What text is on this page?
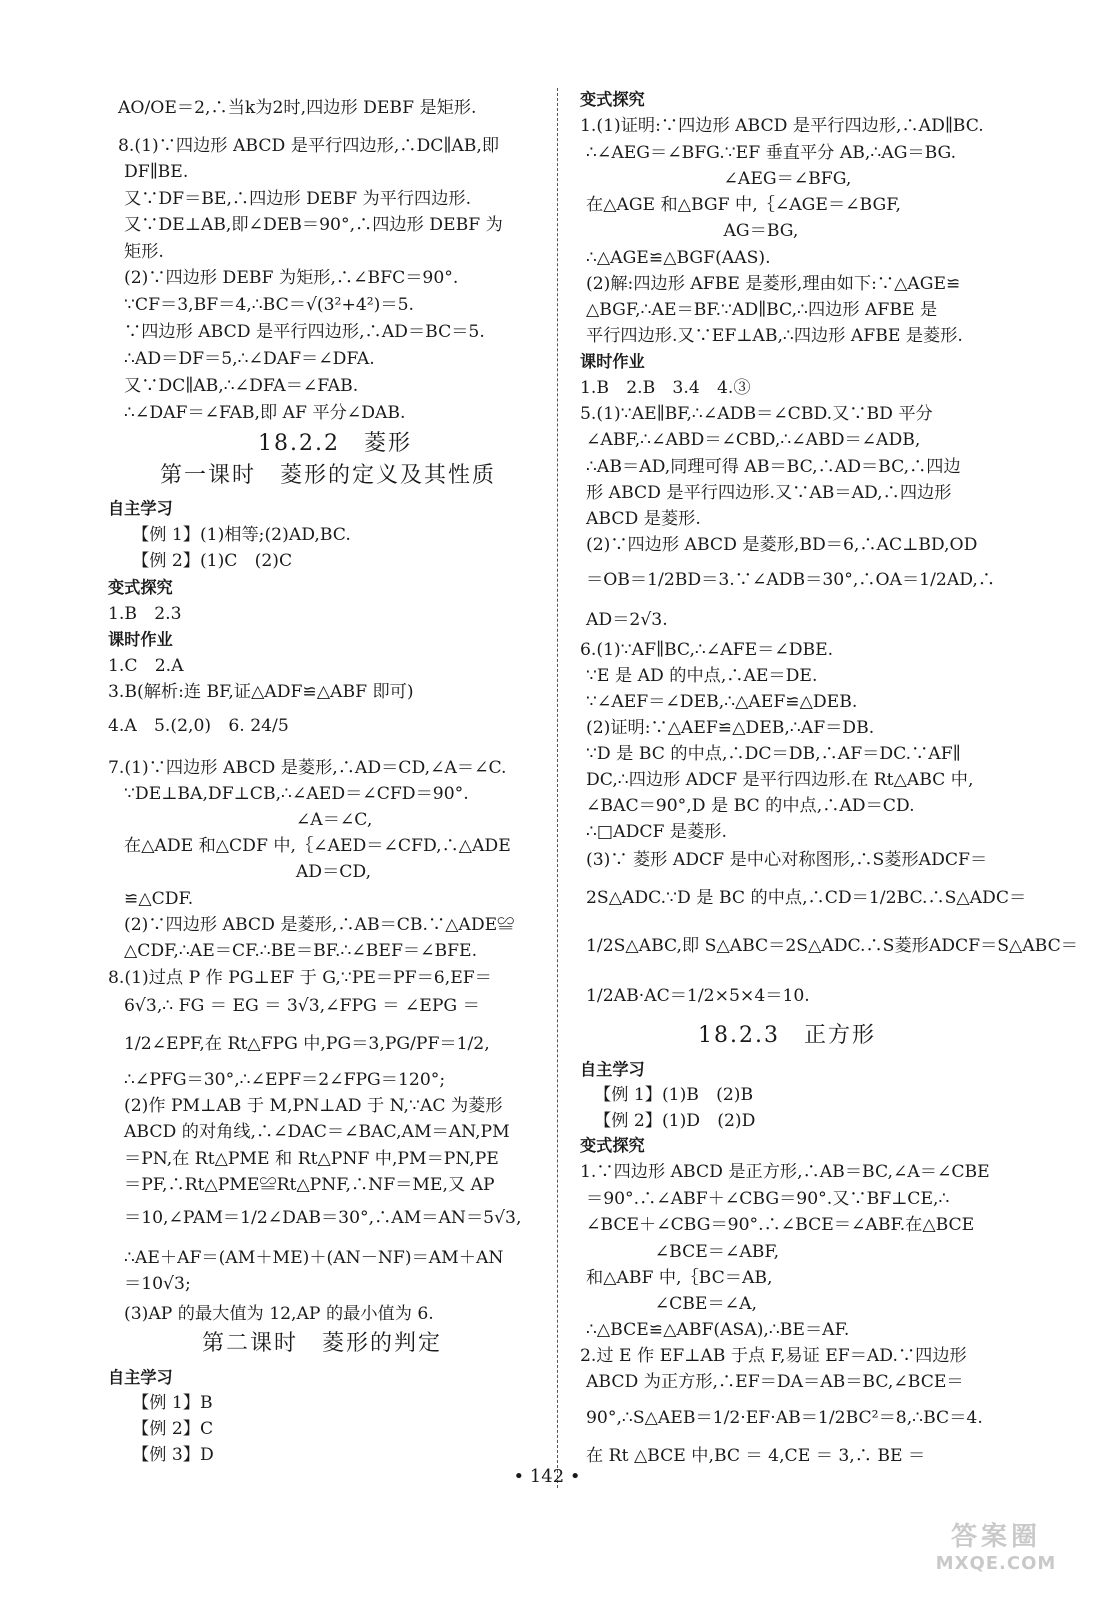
AO/OE＝2,∴当k为2时,四边形 DEBF 是矩形.
8.(1)∵四边形 ABCD 是平行四边形,∴DC∥AB,即
DF∥BE.
又∵DF＝BE,∴四边形 DEBF 为平行四边形.
又∵DE⊥AB,即∠DEB＝90°,∴四边形 DEBF 为
矩形.
(2)∵四边形 DEBF 为矩形,∴∠BFC＝90°.
∵CF＝3,BF＝4,∴BC＝√(3²+4²)＝5.
∵四边形 ABCD 是平行四边形,∴AD＝BC＝5.
∴AD＝DF＝5,∴∠DAF＝∠DFA.
又∵DC∥AB,∴∠DFA＝∠FAB.
∴∠DAF＝∠FAB,即 AF 平分∠DAB.
18.2.2　菱形
第一课时　菱形的定义及其性质
自主学习
【例 1】(1)相等;(2)AD,BC.
【例 2】(1)C　(2)C
变式探究
1.B　2.3
课时作业
1.C　2.A
3.B(解析:连 BF,证△ADF≌△ABF 即可)
4.A　5.(2,0)　6. 24/5
7.(1)∵四边形 ABCD 是菱形,∴AD＝CD,∠A＝∠C.
∵DE⊥BA,DF⊥CB,∴∠AED＝∠CFD＝90°.
　　　　　　　　　　∠A＝∠C,
在△ADE 和△CDF 中,｛∠AED＝∠CFD,∴△ADE
　　　　　　　　　　AD＝CD,
≌△CDF.
(2)∵四边形 ABCD 是菱形,∴AB＝CB.∵△ADE≌
△CDF,∴AE＝CF.∴BE＝BF.∴∠BEF＝∠BFE.
8.(1)过点 P 作 PG⊥EF 于 G,∵PE＝PF＝6,EF＝
6√3,∴ FG ＝ EG ＝ 3√3,∠FPG ＝ ∠EPG ＝
1/2∠EPF,在 Rt△FPG 中,PG＝3,PG/PF＝1/2,
∴∠PFG＝30°,∴∠EPF＝2∠FPG＝120°;
(2)作 PM⊥AB 于 M,PN⊥AD 于 N,∵AC 为菱形
ABCD 的对角线,∴∠DAC＝∠BAC,AM＝AN,PM
＝PN,在 Rt△PME 和 Rt△PNF 中,PM＝PN,PE
＝PF,∴Rt△PME≌Rt△PNF,∴NF＝ME,又 AP
＝10,∠PAM＝1/2∠DAB＝30°,∴AM＝AN＝5√3,
∴AE＋AF＝(AM＋ME)＋(AN－NF)＝AM＋AN
＝10√3;
(3)AP 的最大值为 12,AP 的最小值为 6.
第二课时　菱形的判定
自主学习
【例 1】B
【例 2】C
【例 3】D
变式探究
1.(1)证明:∵四边形 ABCD 是平行四边形,∴AD∥BC.
∴∠AEG＝∠BFG.∵EF 垂直平分 AB,∴AG＝BG.
　　　　　　　　∠AEG＝∠BFG,
在△AGE 和△BGF 中,｛∠AGE＝∠BGF,
　　　　　　　　AG＝BG,
∴△AGE≌△BGF(AAS).
(2)解:四边形 AFBE 是菱形,理由如下:∵△AGE≌
△BGF,∴AE＝BF.∵AD∥BC,∴四边形 AFBE 是
平行四边形.又∵EF⊥AB,∴四边形 AFBE 是菱形.
课时作业
1.B　2.B　3.4　4.③
5.(1)∵AE∥BF,∴∠ADB＝∠CBD.又∵BD 平分
∠ABF,∴∠ABD＝∠CBD,∴∠ABD＝∠ADB,
∴AB＝AD,同理可得 AB＝BC,∴AD＝BC,∴四边
形 ABCD 是平行四边形.又∵AB＝AD,∴四边形
ABCD 是菱形.
(2)∵四边形 ABCD 是菱形,BD＝6,∴AC⊥BD,OD
＝OB＝1/2BD＝3.∵∠ADB＝30°,∴OA＝1/2AD,∴
AD＝2√3.
6.(1)∵AF∥BC,∴∠AFE＝∠DBE.
∵E 是 AD 的中点,∴AE＝DE.
∵∠AEF＝∠DEB,∴△AEF≌△DEB.
(2)证明:∵△AEF≌△DEB,∴AF＝DB.
∵D 是 BC 的中点,∴DC＝DB,∴AF＝DC.∵AF∥
DC,∴四边形 ADCF 是平行四边形.在 Rt△ABC 中,
∠BAC＝90°,D 是 BC 的中点,∴AD＝CD.
∴□ADCF 是菱形.
(3)∵ 菱形 ADCF 是中心对称图形,∴S菱形ADCF＝
2S△ADC.∵D 是 BC 的中点,∴CD＝1/2BC.∴S△ADC＝
1/2S△ABC,即 S△ABC＝2S△ADC.∴S菱形ADCF＝S△ABC＝
1/2AB·AC＝1/2×5×4＝10.
18.2.3　正方形
自主学习
【例 1】(1)B　(2)B
【例 2】(1)D　(2)D
变式探究
1.∵四边形 ABCD 是正方形,∴AB＝BC,∠A＝∠CBE
＝90°.∴∠ABF＋∠CBG＝90°.又∵BF⊥CE,∴
∠BCE＋∠CBG＝90°.∴∠BCE＝∠ABF.在△BCE
　　　　∠BCE＝∠ABF,
和△ABF 中,｛BC＝AB,
　　　　∠CBE＝∠A,
∴△BCE≌△ABF(ASA),∴BE＝AF.
2.过 E 作 EF⊥AB 于点 F,易证 EF＝AD.∵四边形
ABCD 为正方形,∴EF＝DA＝AB＝BC,∠BCE＝
90°,∴S△AEB＝1/2·EF·AB＝1/2BC²＝8,∴BC＝4.
在 Rt △BCE 中,BC ＝ 4,CE ＝ 3,∴ BE ＝
• 142 •
答案圈
MXQE.COM
